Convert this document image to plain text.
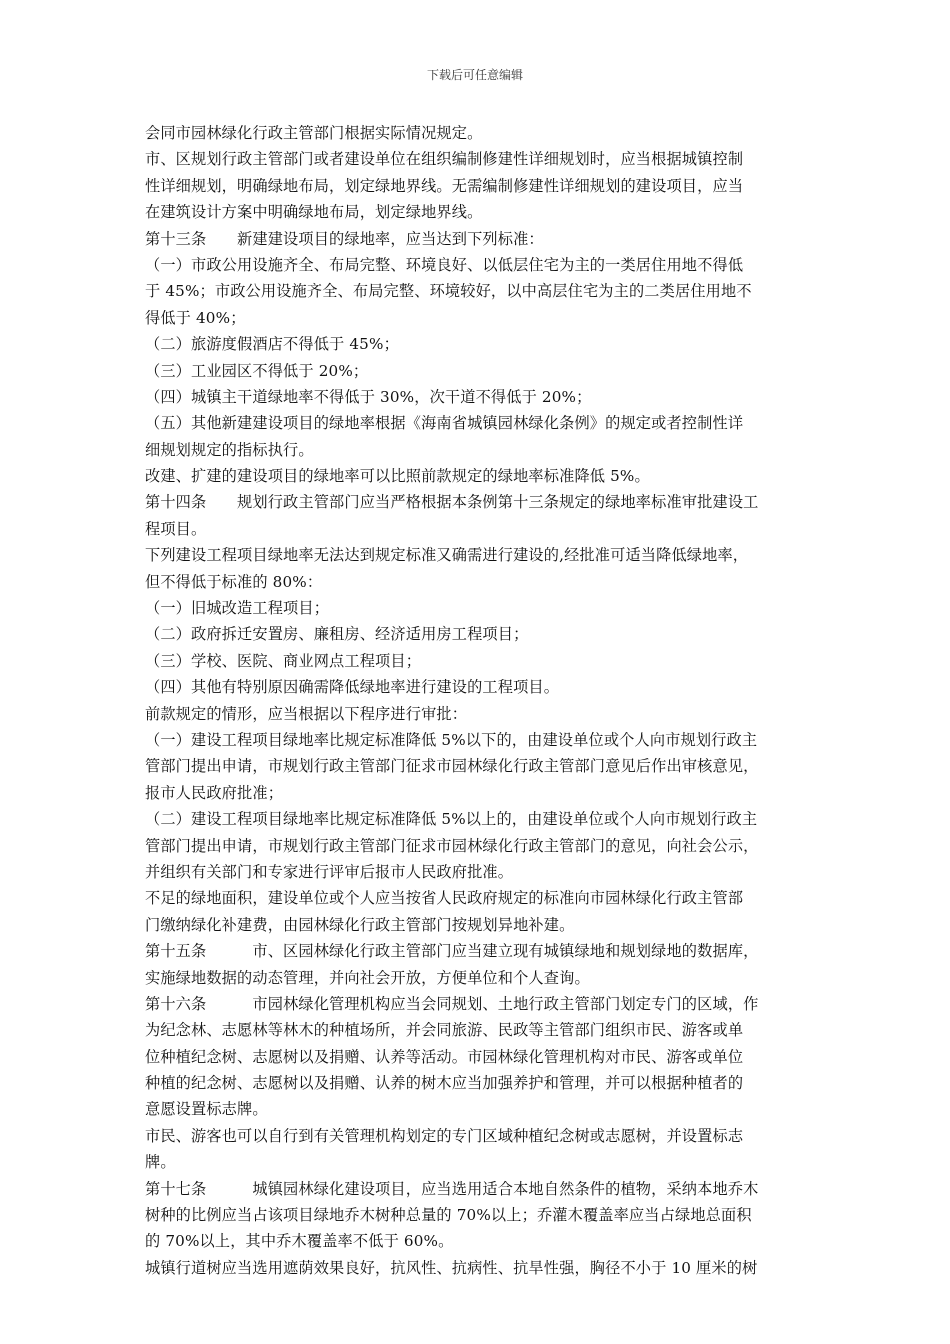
下载后可任意编辑
会同市园林绿化行政主管部门根据实际情况规定。
市、区规划行政主管部门或者建设单位在组织编制修建性详细规划时，应当根据城镇控制
性详细规划，明确绿地布局，划定绿地界线。无需编制修建性详细规划的建设项目，应当
在建筑设计方案中明确绿地布局，划定绿地界线。
第十三条　　新建建设项目的绿地率，应当达到下列标准：
（一）市政公用设施齐全、布局完整、环境良好、以低层住宅为主的一类居住用地不得低
于 45%；市政公用设施齐全、布局完整、环境较好，以中高层住宅为主的二类居住用地不
得低于 40%；
（二）旅游度假酒店不得低于 45%；
（三）工业园区不得低于 20%；
（四）城镇主干道绿地率不得低于 30%，次干道不得低于 20%；
（五）其他新建建设项目的绿地率根据《海南省城镇园林绿化条例》的规定或者控制性详
细规划规定的指标执行。
改建、扩建的建设项目的绿地率可以比照前款规定的绿地率标准降低 5%。
第十四条　　规划行政主管部门应当严格根据本条例第十三条规定的绿地率标准审批建设工
程项目。
下列建设工程项目绿地率无法达到规定标准又确需进行建设的,经批准可适当降低绿地率，
但不得低于标准的 80%：
（一）旧城改造工程项目；
（二）政府拆迁安置房、廉租房、经济适用房工程项目；
（三）学校、医院、商业网点工程项目；
（四）其他有特别原因确需降低绿地率进行建设的工程项目。
前款规定的情形，应当根据以下程序进行审批：
（一）建设工程项目绿地率比规定标准降低 5%以下的，由建设单位或个人向市规划行政主
管部门提出申请，市规划行政主管部门征求市园林绿化行政主管部门意见后作出审核意见，
报市人民政府批准；
（二）建设工程项目绿地率比规定标准降低 5%以上的，由建设单位或个人向市规划行政主
管部门提出申请，市规划行政主管部门征求市园林绿化行政主管部门的意见，向社会公示，
并组织有关部门和专家进行评审后报市人民政府批准。
不足的绿地面积，建设单位或个人应当按省人民政府规定的标准向市园林绿化行政主管部
门缴纳绿化补建费，由园林绿化行政主管部门按规划异地补建。
第十五条　　　市、区园林绿化行政主管部门应当建立现有城镇绿地和规划绿地的数据库，
实施绿地数据的动态管理，并向社会开放，方便单位和个人查询。
第十六条　　　市园林绿化管理机构应当会同规划、土地行政主管部门划定专门的区域，作
为纪念林、志愿林等林木的种植场所，并会同旅游、民政等主管部门组织市民、游客或单
位种植纪念树、志愿树以及捐赠、认养等活动。市园林绿化管理机构对市民、游客或单位
种植的纪念树、志愿树以及捐赠、认养的树木应当加强养护和管理，并可以根据种植者的
意愿设置标志牌。
市民、游客也可以自行到有关管理机构划定的专门区域种植纪念树或志愿树，并设置标志
牌。
第十七条　　　城镇园林绿化建设项目，应当选用适合本地自然条件的植物，采纳本地乔木
树种的比例应当占该项目绿地乔木树种总量的 70%以上；乔灌木覆盖率应当占绿地总面积
的 70%以上，其中乔木覆盖率不低于 60%。
城镇行道树应当选用遮荫效果良好，抗风性、抗病性、抗旱性强，胸径不小于 10 厘米的树
